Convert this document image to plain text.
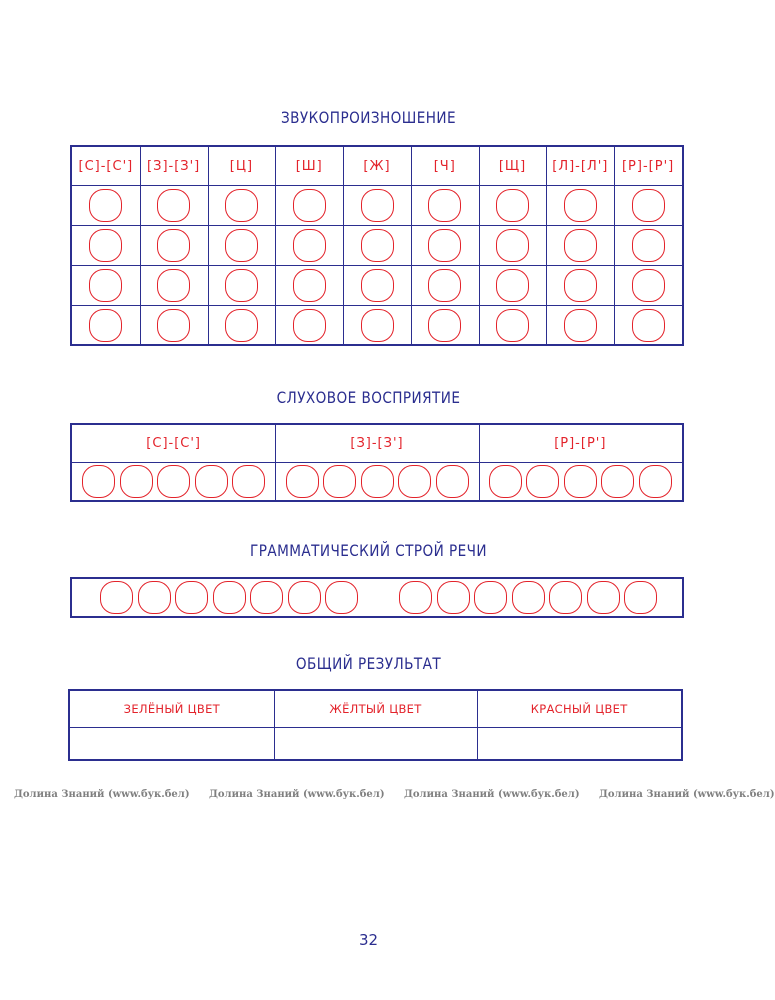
ЗВУКОПРОИЗНОШЕНИЕ
[С]-[С']	[З]-[З']	[Ц]	[Ш]	[Ж]	[Ч]	[Щ]	[Л]-[Л']	[Р]-[Р']
СЛУХОВОЕ ВОСПРИЯТИЕ
[С]-[С']	[З]-[З']	[Р]-[Р']
ГРАММАТИЧЕСКИЙ СТРОЙ РЕЧИ
ОБЩИЙ РЕЗУЛЬТАТ
ЗЕЛЁНЫЙ ЦВЕТ	ЖЁЛТЫЙ ЦВЕТ	КРАСНЫЙ ЦВЕТ
Долина Знаний (www.бук.бел) Долина Знаний (www.бук.бел) Долина Знаний (www.бук.бел) Долина Знаний (www.бук.бел)
32
